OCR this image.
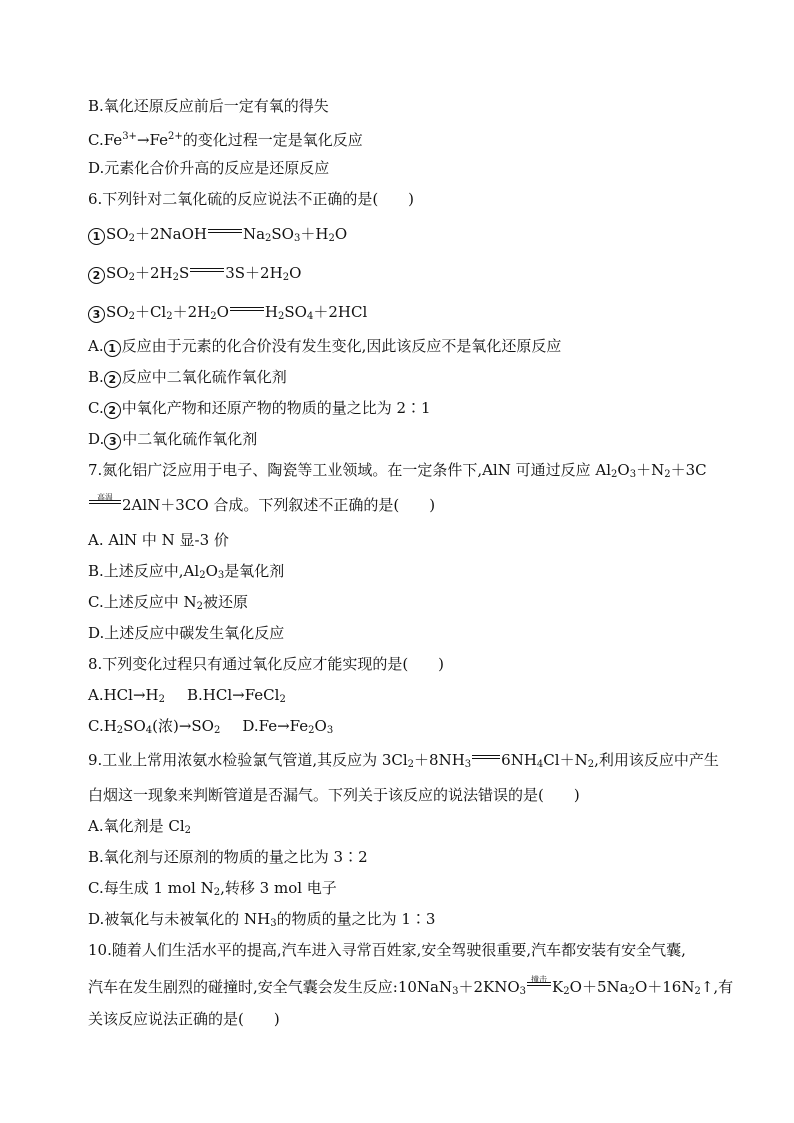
B.氧化还原反应前后一定有氧的得失
$C.Fe^{3+}\to Fe^{2+}$的变化过程一定是氧化反应
D.元素化合价升高的反应是还原反应
6.下列针对二氧化硫的反应说法不正确的是(　　)
1 $SO_2+2NaOH$ $Na_2SO_3+H_2O$
2 $SO_2+2H_2S$ $3S+2H_2O$
3 $SO_2+Cl_2+2H_2O$ $H_2SO_4+2HCl$
A. 1 反应由于元素的化合价没有发生变化,因此该反应不是氧化还原反应
B. 2 反应中二氧化硫作氧化剂
C. 2 中氧化产物和还原产物的物质的量之比为 2∶1
D. 3 中二氧化硫作氧化剂
7.氮化铝广泛应用于电子、陶瓷等工业领域。在一定条件下,AlN 可通过反应 $Al_2O_3+N_2+3C$
高温 2AlN＋3CO 合成。下列叙述不正确的是(　　)
A. AlN 中 N 显-3 价
B.上述反应中$,Al_2O_3$是氧化剂
C.上述反应中 $N_2$被还原
D.上述反应中碳发生氧化反应
8.下列变化过程只有通过氧化反应才能实现的是(　　)
$A.HCl\to H_2$ B.HCl→FeCl$_2$
$C.H_2SO_4$(浓)$\to SO_2$ $D.Fe\to Fe_2O_3$
9.工业上常用浓氨水检验氯气管道,其反应为 $3Cl_2+8NH_3$ $6NH_4Cl+N_2$,利用该反应中产生
白烟这一现象来判断管道是否漏气。下列关于该反应的说法错误的是(　　)
A.氧化剂是 $Cl_2$
B.氧化剂与还原剂的物质的量之比为 3∶2
C.每生成 1 mol $N_2$,转移 3 mol 电子
D.被氧化与未被氧化的 $NH_3$的物质的量之比为 1∶3
10.随着人们生活水平的提高,汽车进入寻常百姓家,安全驾驶很重要,汽车都安装有安全气囊,
汽车在发生剧烈的碰撞时,安全气囊会发生反应$:10NaN_3+2KNO_3$
撞击 $K_2O+5Na_2O+16N_2↑$,有
关该反应说法正确的是(　　)
